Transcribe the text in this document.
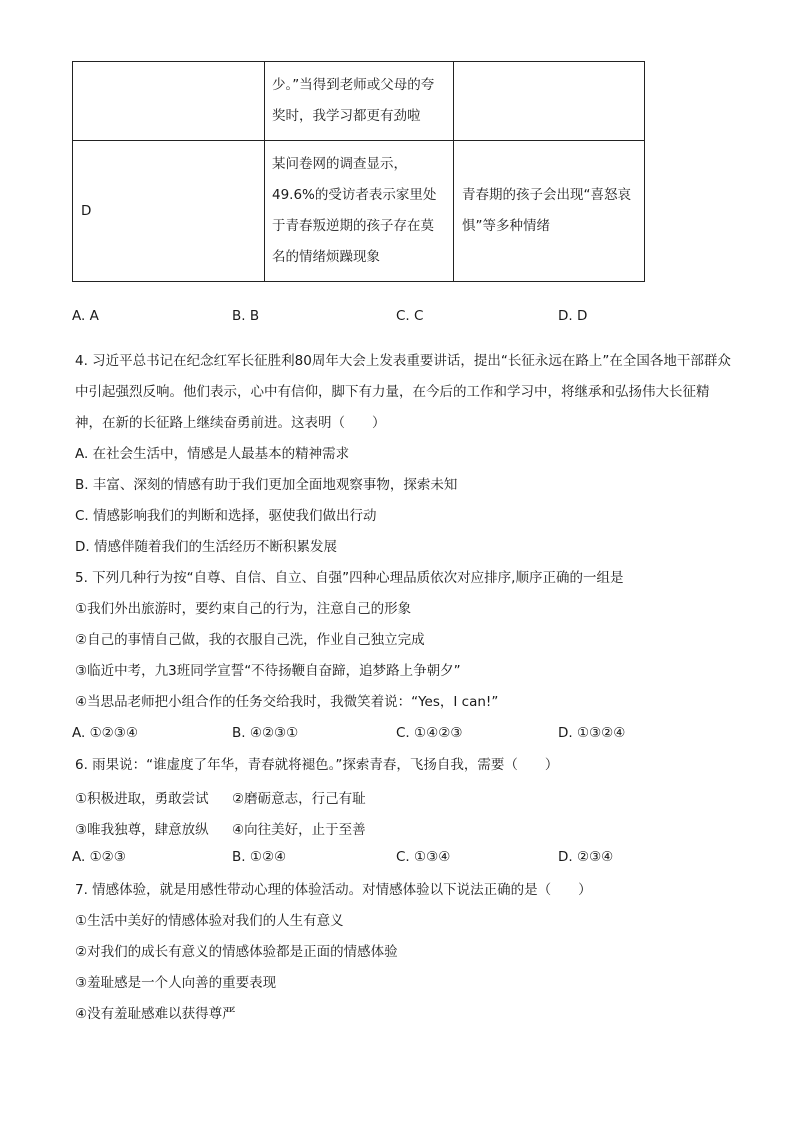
	少。”当得到老师或父母的夸奖时，我学习都更有劲啦	
D	某问卷网的调查显示，49.6%的受访者表示家里处于青春叛逆期的孩子存在莫名的情绪烦躁现象	青春期的孩子会出现“喜怒哀惧”等多种情绪
A. A	B. B	C. C	D. D
4. 习近平总书记在纪念红军长征胜利80周年大会上发表重要讲话，提出“长征永远在路上”在全国各地干部群众中引起强烈反响。他们表示，心中有信仰，脚下有力量，在今后的工作和学习中，将继承和弘扬伟大长征精神，在新的长征路上继续奋勇前进。这表明（　　）
A. 在社会生活中，情感是人最基本的精神需求
B. 丰富、深刻的情感有助于我们更加全面地观察事物，探索未知
C. 情感影响我们的判断和选择，驱使我们做出行动
D. 情感伴随着我们的生活经历不断积累发展
5. 下列几种行为按“自尊、自信、自立、自强”四种心理品质依次对应排序,顺序正确的一组是
①我们外出旅游时，要约束自己的行为，注意自己的形象
②自己的事情自己做，我的衣服自己洗，作业自己独立完成
③临近中考，九3班同学宣誓“不待扬鞭自奋蹄，追梦路上争朝夕”
④当思品老师把小组合作的任务交给我时，我微笑着说：“Yes，I can!”
A. ①②③④	B. ④②③①	C. ①④②③	D. ①③②④
6. 雨果说：“谁虚度了年华，青春就将褪色。”探索青春，飞扬自我，需要（　　）
①积极进取，勇敢尝试 ②磨砺意志，行己有耻
③唯我独尊，肆意放纵 ④向往美好，止于至善
A. ①②③	B. ①②④	C. ①③④	D. ②③④
7. 情感体验，就是用感性带动心理的体验活动。对情感体验以下说法正确的是（　　）
①生活中美好的情感体验对我们的人生有意义
②对我们的成长有意义的情感体验都是正面的情感体验
③羞耻感是一个人向善的重要表现
④没有羞耻感难以获得尊严
